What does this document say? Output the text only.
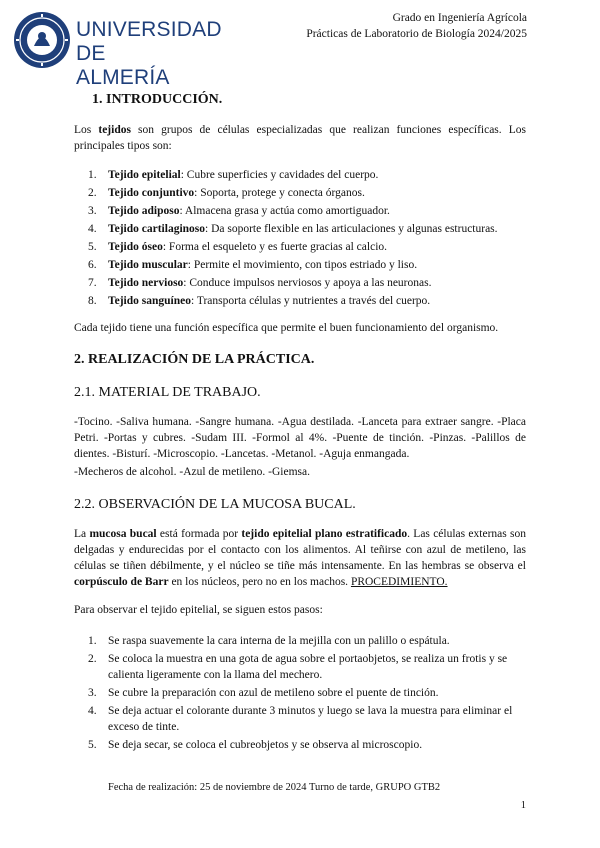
UNIVERSIDAD
DE ALMERÍA
Grado en Ingeniería Agrícola
Prácticas de Laboratorio de Biología 2024/2025
1. INTRODUCCIÓN.
Los tejidos son grupos de células especializadas que realizan funciones específicas. Los principales tipos son:
1. Tejido epitelial: Cubre superficies y cavidades del cuerpo.
2. Tejido conjuntivo: Soporta, protege y conecta órganos.
3. Tejido adiposo: Almacena grasa y actúa como amortiguador.
4. Tejido cartilaginoso: Da soporte flexible en las articulaciones y algunas estructuras.
5. Tejido óseo: Forma el esqueleto y es fuerte gracias al calcio.
6. Tejido muscular: Permite el movimiento, con tipos estriado y liso.
7. Tejido nervioso: Conduce impulsos nerviosos y apoya a las neuronas.
8. Tejido sanguíneo: Transporta células y nutrientes a través del cuerpo.
Cada tejido tiene una función específica que permite el buen funcionamiento del organismo.
2. REALIZACIÓN DE LA PRÁCTICA.
2.1. MATERIAL DE TRABAJO.
-Tocino. -Saliva humana. -Sangre humana. -Agua destilada. -Lanceta para extraer sangre. -Placa Petri. -Portas y cubres. -Sudam III. -Formol al 4%. -Puente de tinción. -Pinzas. -Palillos de dientes. -Bisturí. -Microscopio. -Lancetas. -Metanol. -Aguja enmangada.
-Mecheros de alcohol. -Azul de metileno. -Giemsa.
2.2. OBSERVACIÓN DE LA MUCOSA BUCAL.
La mucosa bucal está formada por tejido epitelial plano estratificado. Las células externas son delgadas y endurecidas por el contacto con los alimentos. Al teñirse con azul de metileno, las células se tiñen débilmente, y el núcleo se tiñe más intensamente. En las hembras se observa el corpúsculo de Barr en los núcleos, pero no en los machos. PROCEDIMIENTO.
Para observar el tejido epitelial, se siguen estos pasos:
1. Se raspa suavemente la cara interna de la mejilla con un palillo o espátula.
2. Se coloca la muestra en una gota de agua sobre el portaobjetos, se realiza un frotis y se calienta ligeramente con la llama del mechero.
3. Se cubre la preparación con azul de metileno sobre el puente de tinción.
4. Se deja actuar el colorante durante 3 minutos y luego se lava la muestra para eliminar el exceso de tinte.
5. Se deja secar, se coloca el cubreobjetos y se observa al microscopio.
Fecha de realización: 25 de noviembre de 2024 Turno de tarde, GRUPO GTB2
1
